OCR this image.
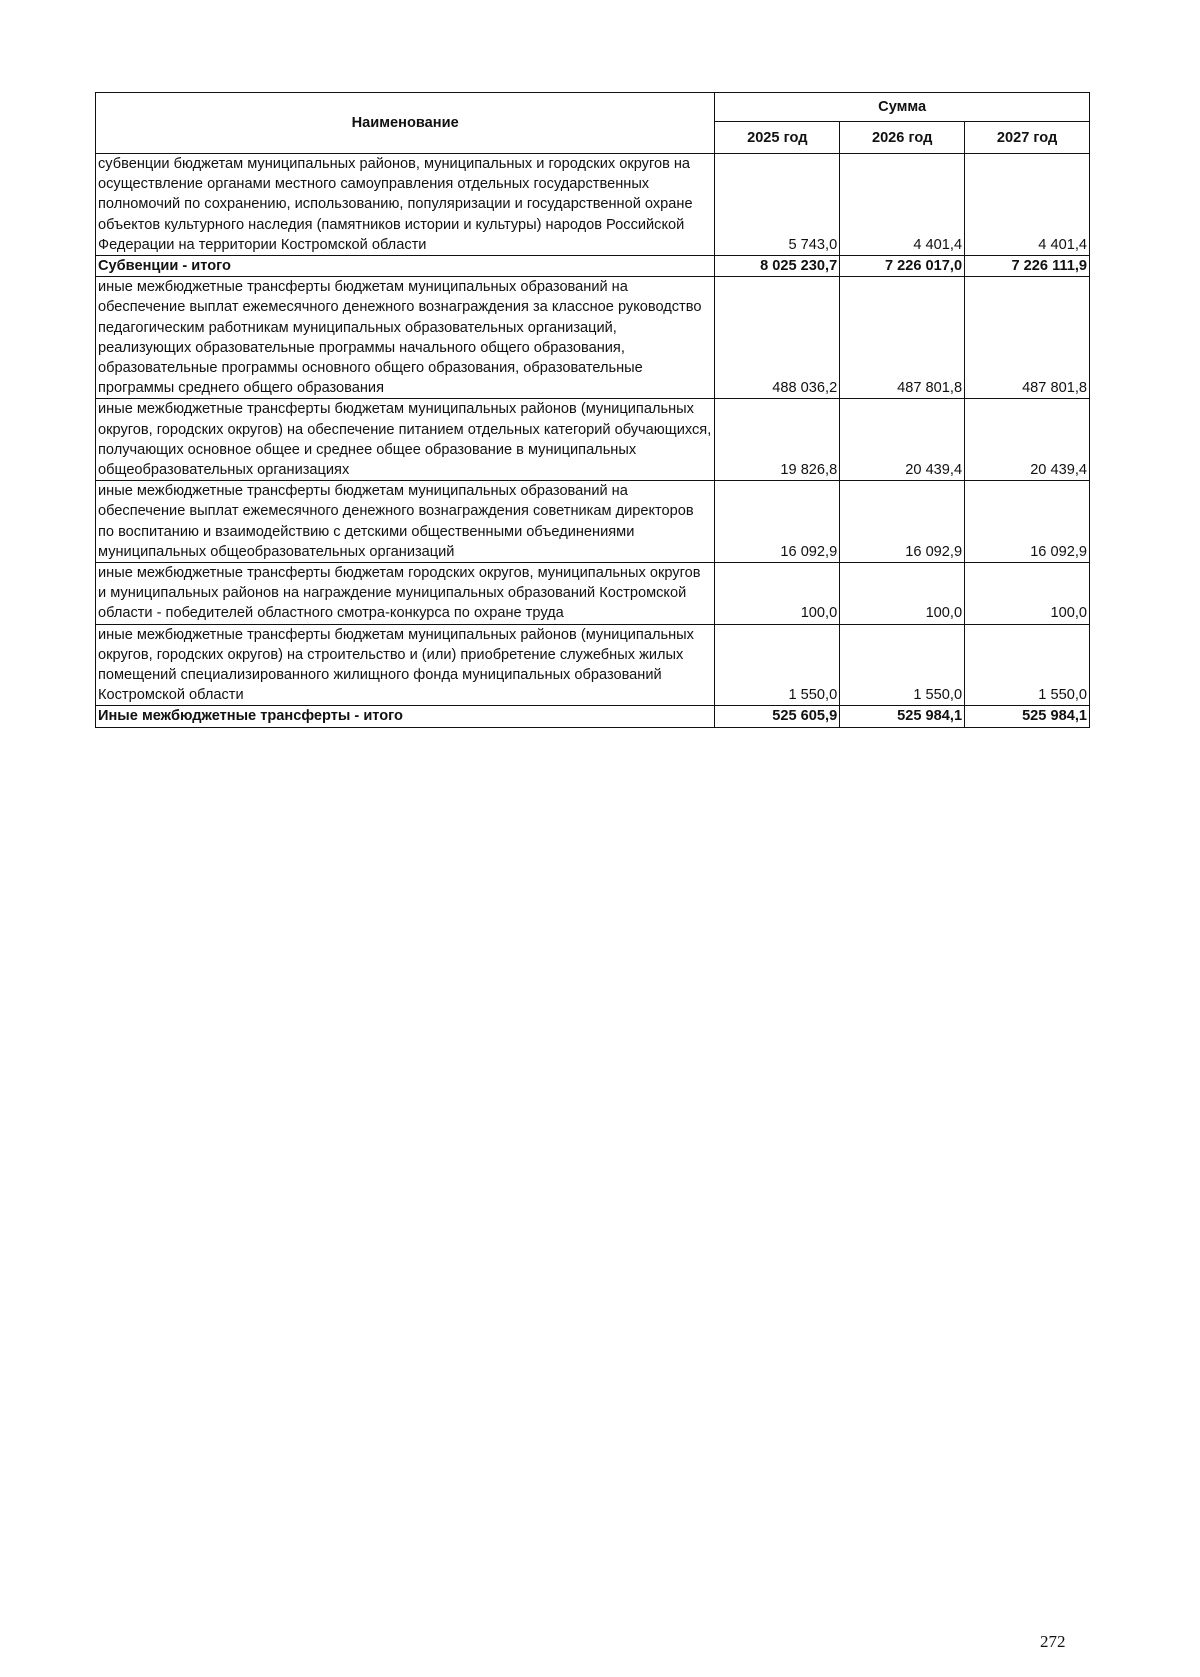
Наименование	Сумма		
	2025 год	2026 год	2027 год
субвенции бюджетам муниципальных районов, муниципальных и городских округов на осуществление органами местного самоуправления отдельных государственных полномочий по сохранению, использованию, популяризации и государственной охране объектов культурного наследия (памятников истории и культуры) народов Российской Федерации на территории Костромской области	5 743,0	4 401,4	4 401,4
Субвенции - итого	8 025 230,7	7 226 017,0	7 226 111,9
иные межбюджетные трансферты бюджетам муниципальных образований на обеспечение выплат ежемесячного денежного вознаграждения за классное руководство педагогическим работникам муниципальных образовательных организаций, реализующих образовательные программы начального общего образования, образовательные программы основного общего образования, образовательные программы среднего общего образования	488 036,2	487 801,8	487 801,8
иные межбюджетные трансферты бюджетам муниципальных районов (муниципальных округов, городских округов) на обеспечение питанием отдельных категорий обучающихся, получающих основное общее и среднее общее образование в муниципальных общеобразовательных организациях	19 826,8	20 439,4	20 439,4
иные межбюджетные трансферты бюджетам муниципальных образований на обеспечение выплат ежемесячного денежного вознаграждения советникам директоров по воспитанию и взаимодействию с детскими общественными объединениями муниципальных общеобразовательных организаций	16 092,9	16 092,9	16 092,9
иные межбюджетные трансферты бюджетам городских округов, муниципальных округов и муниципальных районов на награждение муниципальных образований Костромской области - победителей областного смотра-конкурса по охране труда	100,0	100,0	100,0
иные межбюджетные трансферты бюджетам муниципальных районов (муниципальных округов, городских округов) на строительство и (или) приобретение служебных жилых помещений специализированного жилищного фонда муниципальных образований Костромской области	1 550,0	1 550,0	1 550,0
Иные межбюджетные трансферты - итого	525 605,9	525 984,1	525 984,1
272
